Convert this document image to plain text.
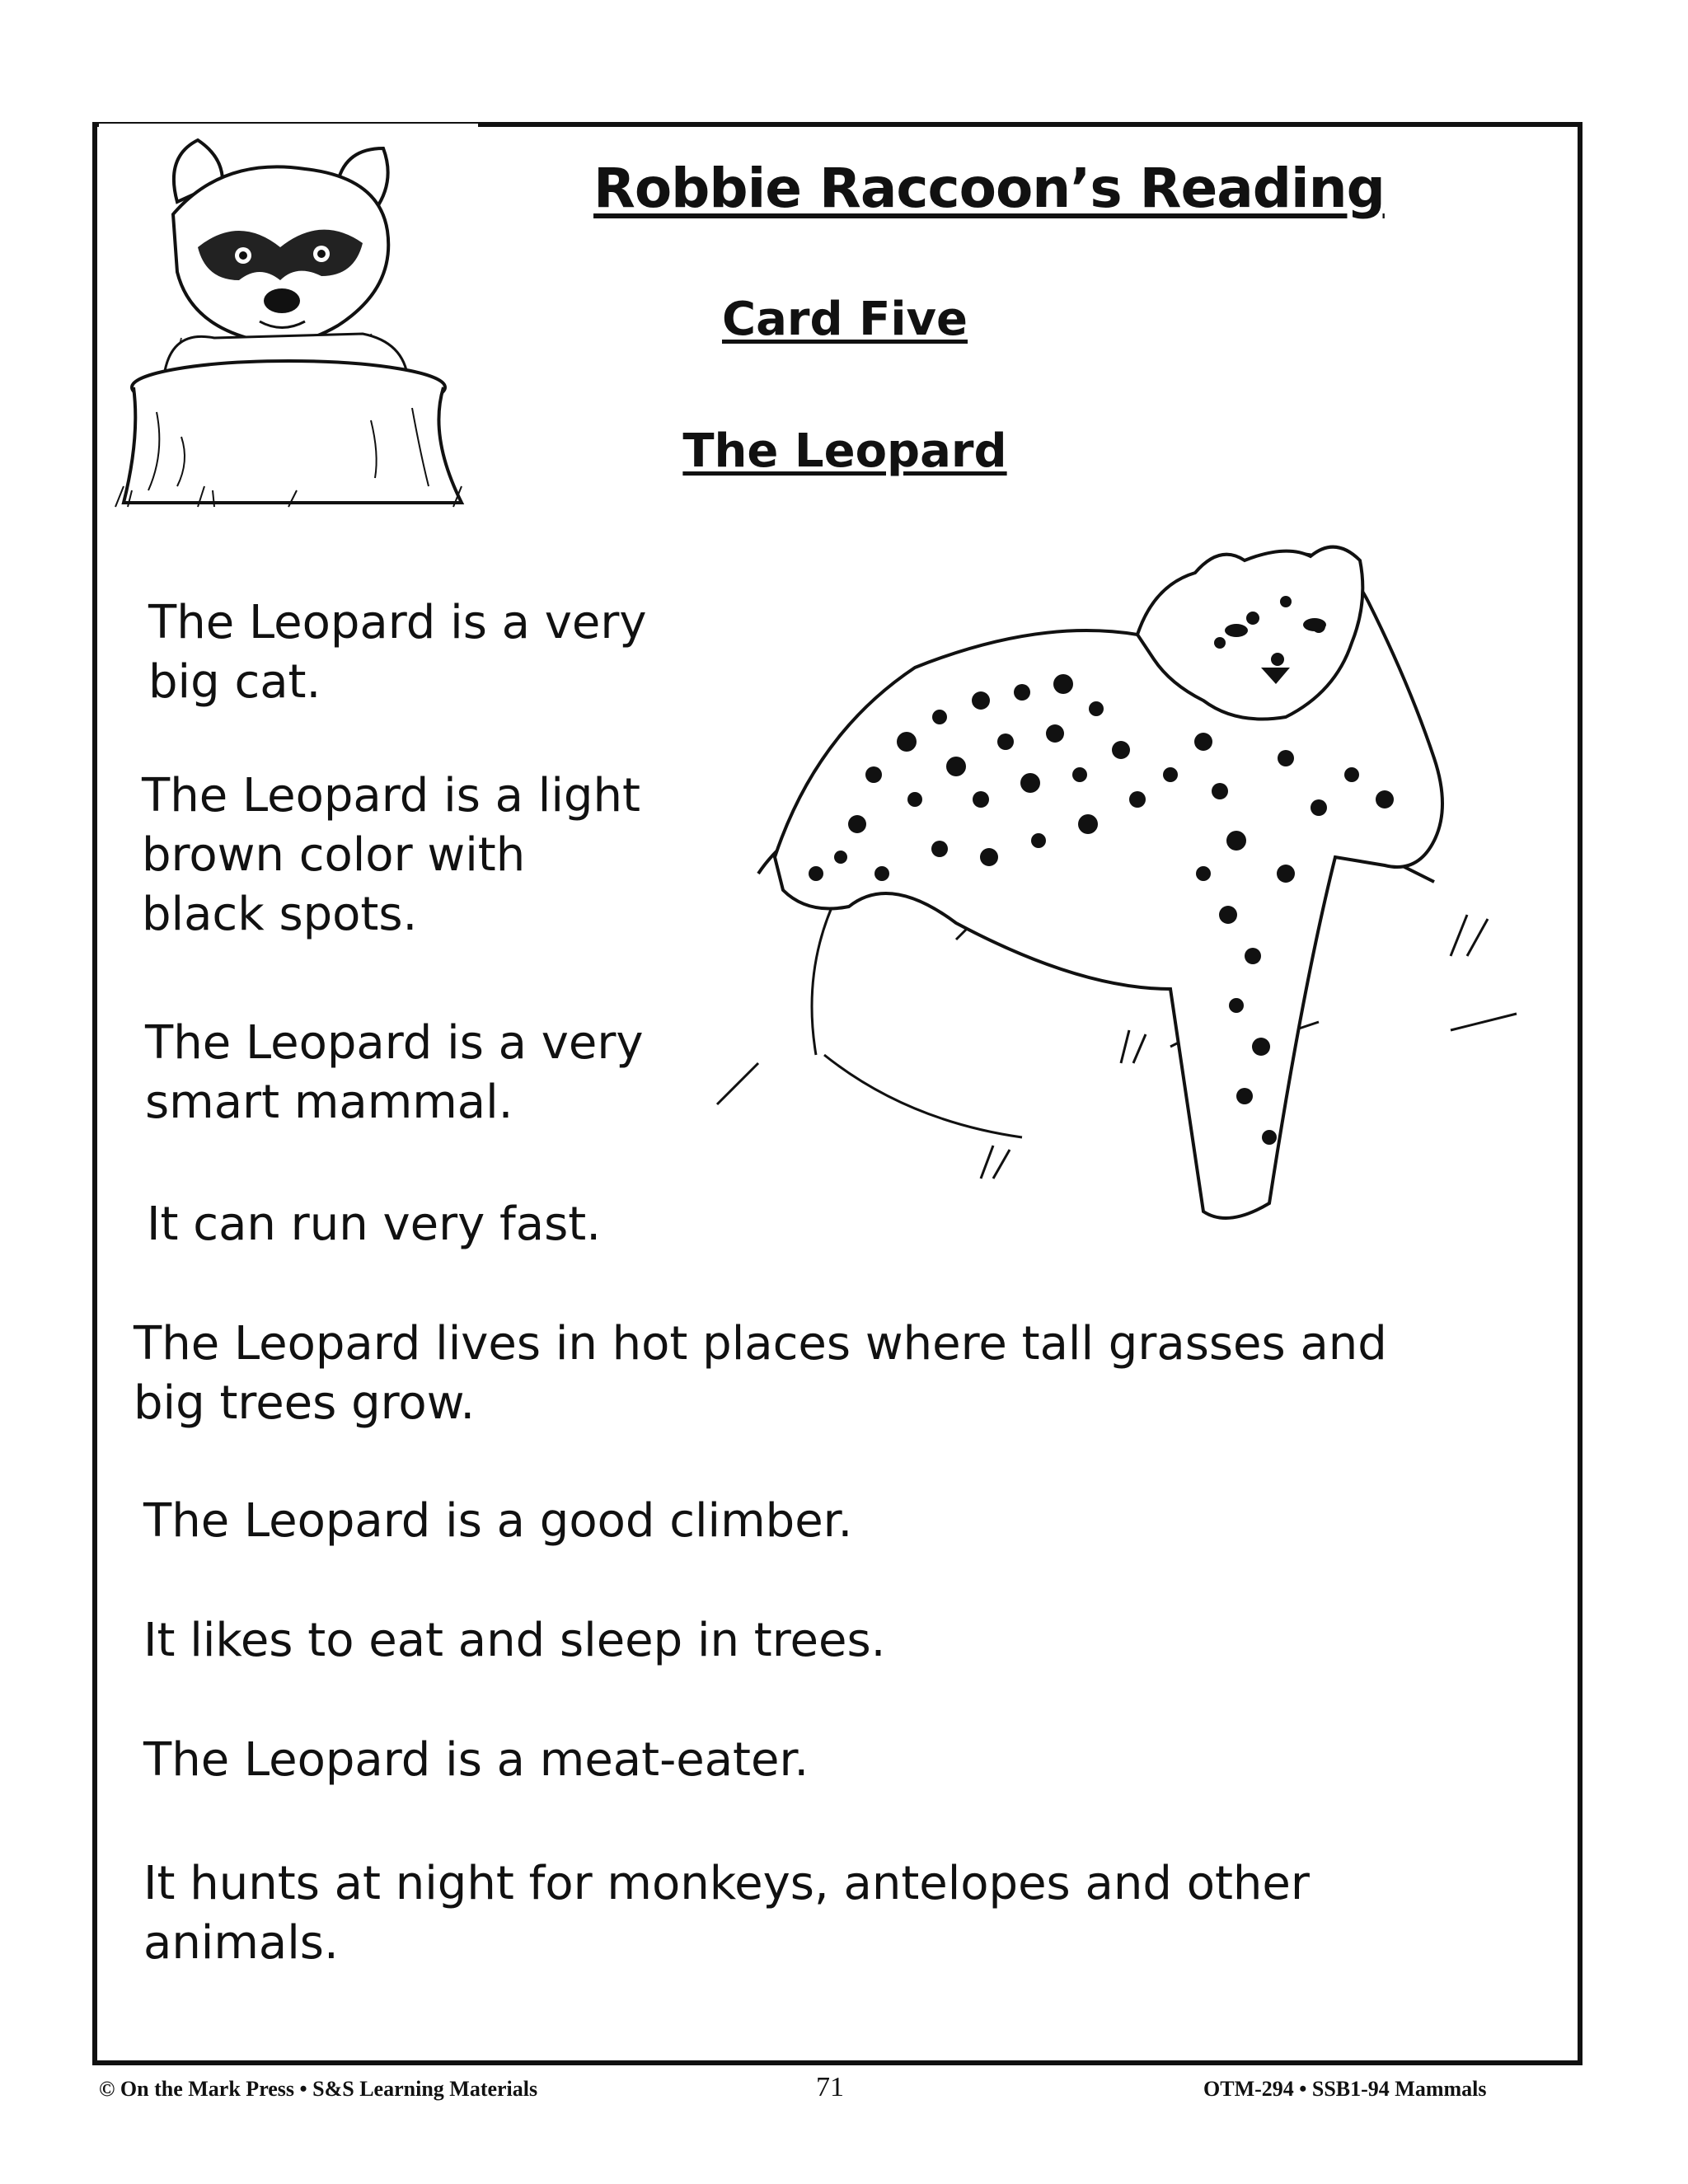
Robbie Raccoon’s Reading
Card Five
The Leopard

The Leopard is a very
big cat.

The Leopard is a light
brown color with
black spots.

The Leopard is a very
smart mammal.

It can run very fast.

The Leopard lives in hot places where tall grasses and
big trees grow.

The Leopard is a good climber.

It likes to eat and sleep in trees.

The Leopard is a meat-eater.

It hunts at night for monkeys, antelopes and other
animals.

© On the Mark Press • S&S Learning Materials	71	OTM-294 • SSB1-94 Mammals
